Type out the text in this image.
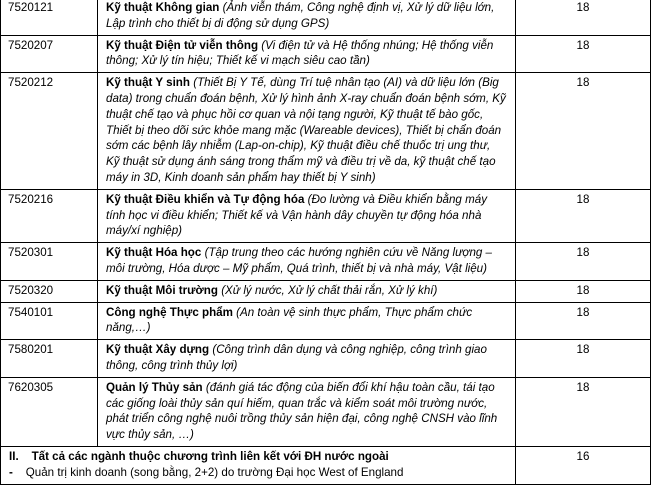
7520121	Kỹ thuật Không gian (Ảnh viễn thám, Công nghệ định vị, Xử lý dữ liệu lớn, Lập trình cho thiết bị di động sử dụng GPS)	18
7520207	Kỹ thuật Điện tử viễn thông (Vi điện tử và Hệ thống nhúng; Hệ thống viễn thông; Xử lý tín hiệu; Thiết kế vi mạch siêu cao tần)	18
7520212	Kỹ thuật Y sinh (Thiết Bị Y Tế, dùng Trí tuệ nhân tạo (AI) và dữ liệu lớn (Big data) trong chuẩn đoán bệnh, Xử lý hình ảnh X-ray chuẩn đoán bệnh sớm, Kỹ thuật chế tạo và phục hồi cơ quan và nội tạng người, Kỹ thuật tế bào gốc, Thiết bị theo dõi sức khỏe mang mặc (Wareable devices), Thiết bị chẩn đoán sớm các bệnh lây nhiễm (Lap-on-chip), Kỹ thuật điều chế thuốc trị ung thư, Kỹ thuật sử dụng ánh sáng trong thẩm mỹ và điều trị về da, kỹ thuật chế tạo máy in 3D, Kinh doanh sản phẩm hay thiết bị Y sinh)	18
7520216	Kỹ thuật Điều khiển và Tự động hóa (Đo lường và Điều khiển bằng máy tính học vi điều khiển; Thiết kế và Vận hành dây chuyền tự động hóa nhà máy/xí nghiệp)	18
7520301	Kỹ thuật Hóa học (Tập trung theo các hướng nghiên cứu về Năng lượng – môi trường, Hóa dược – Mỹ phẩm, Quá trình, thiết bị và nhà máy, Vật liệu)	18
7520320	Kỹ thuật Môi trường (Xử lý nước, Xử lý chất thải rắn, Xử lý khí)	18
7540101	Công nghệ Thực phẩm (An toàn vệ sinh thực phẩm, Thực phẩm chức năng,…)	18
7580201	Kỹ thuật Xây dựng (Công trình dân dụng và công nghiệp, công trình giao thông, công trình thủy lợi)	18
7620305	Quản lý Thủy sản (đánh giá tác động của biến đổi khí hậu toàn cầu, tái tạo các giống loài thủy sản quí hiếm, quan trắc và kiểm soát môi trường nước, phát triển công nghệ nuôi trồng thủy sản hiện đại, công nghệ CNSH vào lĩnh vực thủy sản, …)	18

II. Tất cả các ngành thuộc chương trình liên kết với ĐH nước ngoài
- Quản trị kinh doanh (song bằng, 2+2) do trường Đại học West of England		16
